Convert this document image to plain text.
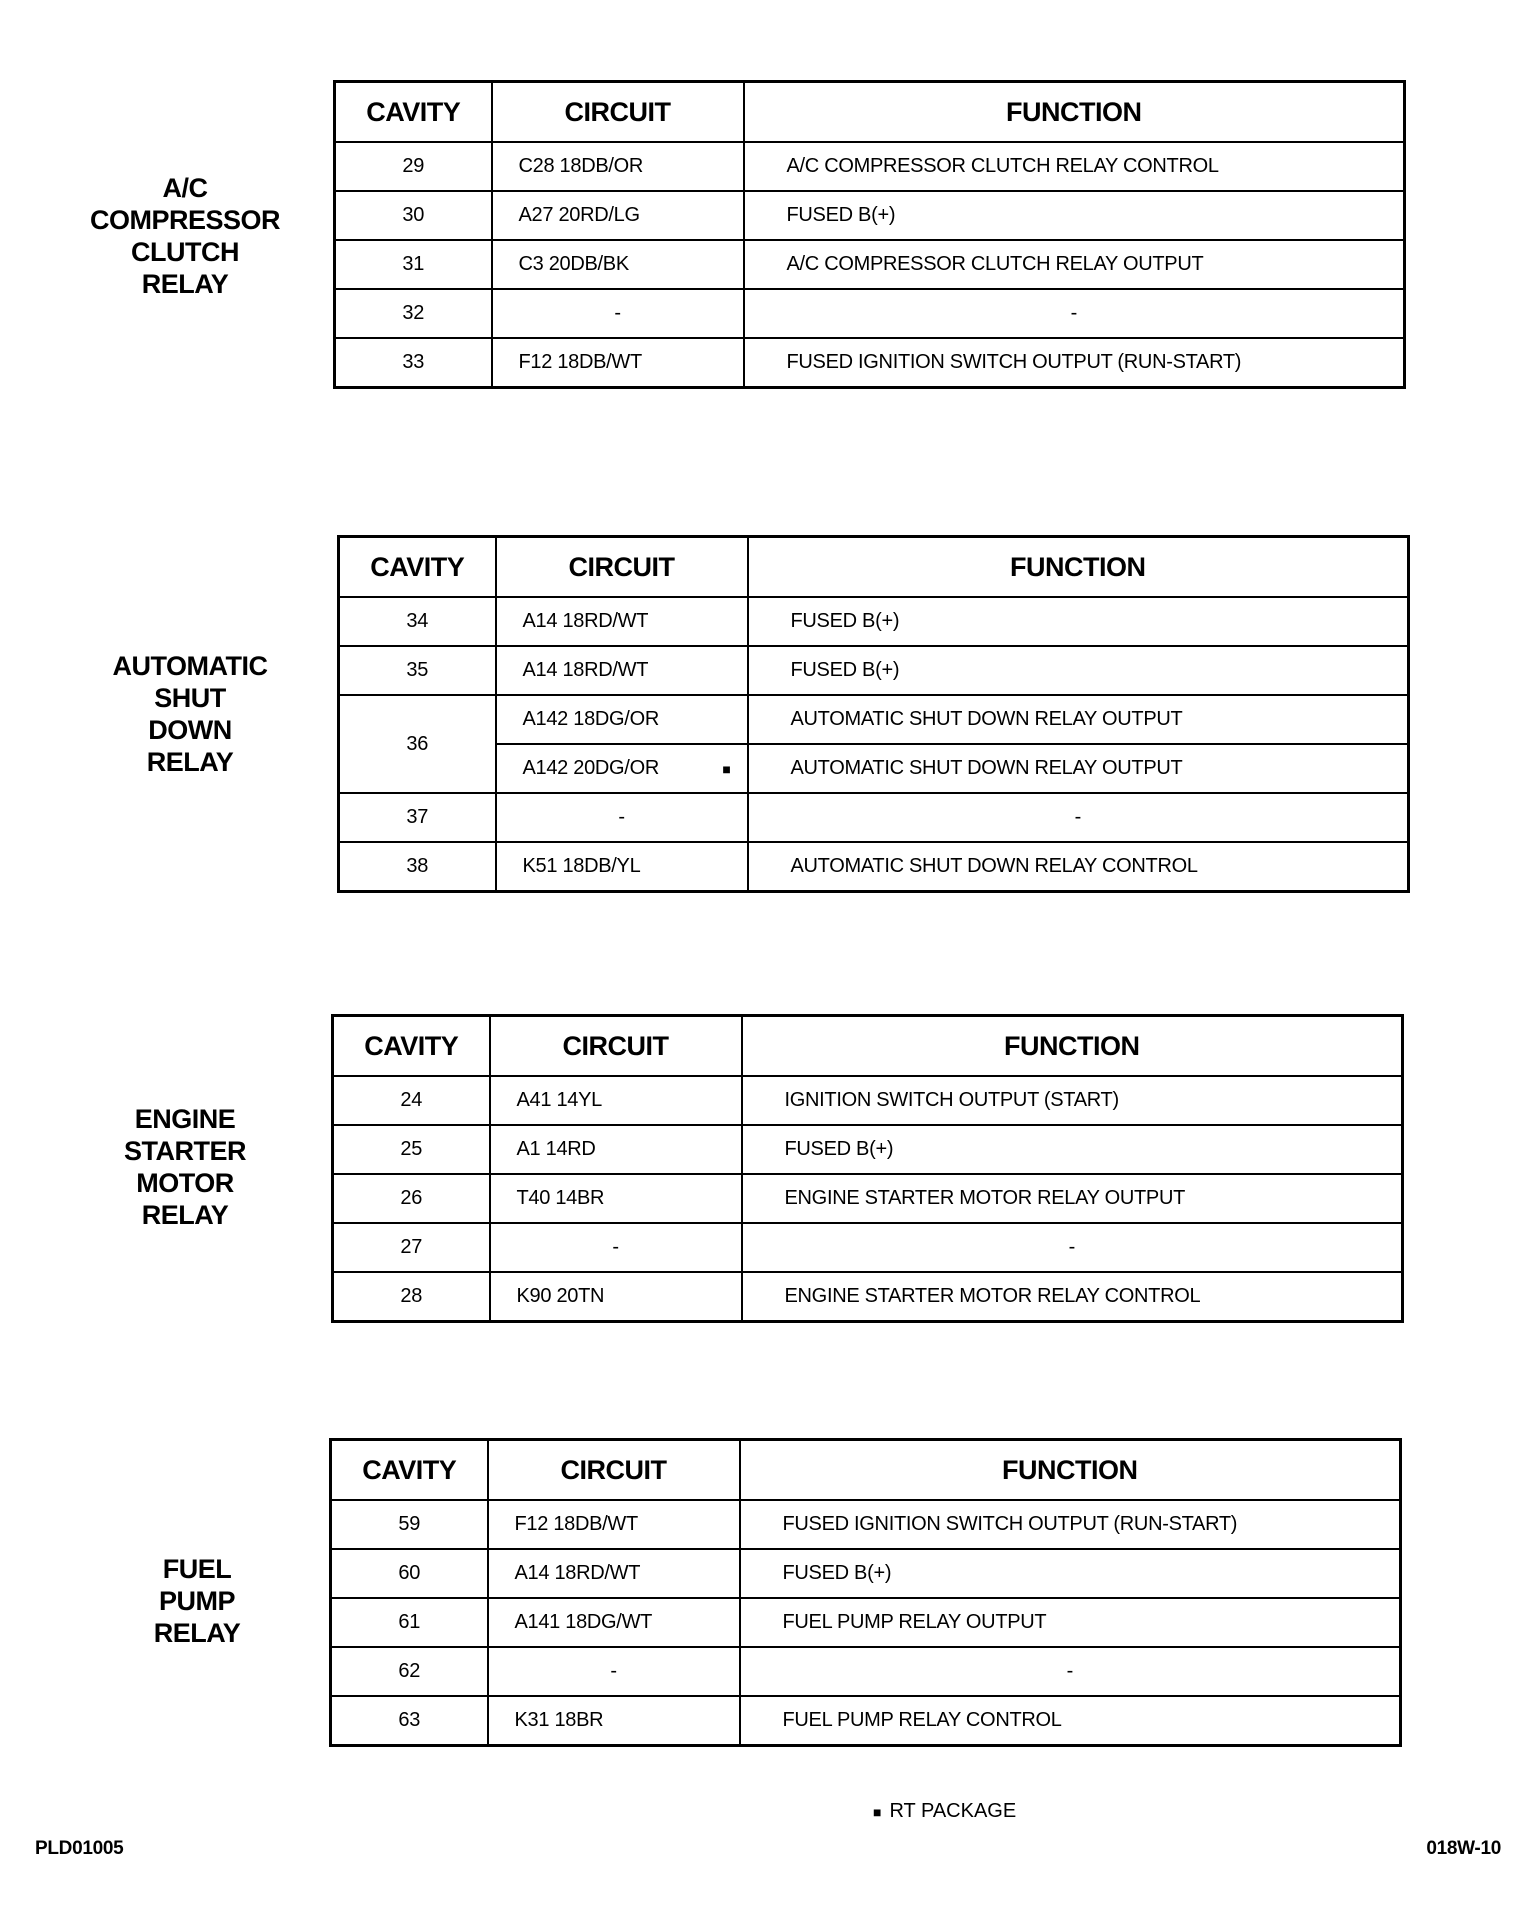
A/C
COMPRESSOR
CLUTCH
RELAY
CAVITY	CIRCUIT	FUNCTION
29	C28 18DB/OR	A/C COMPRESSOR CLUTCH RELAY CONTROL
30	A27 20RD/LG	FUSED B(+)
31	C3 20DB/BK	A/C COMPRESSOR CLUTCH RELAY OUTPUT
32	-	-
33	F12 18DB/WT	FUSED IGNITION SWITCH OUTPUT (RUN-START)
AUTOMATIC
SHUT
DOWN
RELAY
CAVITY	CIRCUIT	FUNCTION
34	A14 18RD/WT	FUSED B(+)
35	A14 18RD/WT	FUSED B(+)
36	A142 18DG/OR	AUTOMATIC SHUT DOWN RELAY OUTPUT
	A142 20DG/OR ■	AUTOMATIC SHUT DOWN RELAY OUTPUT
37	-	-
38	K51 18DB/YL	AUTOMATIC SHUT DOWN RELAY CONTROL
ENGINE
STARTER
MOTOR
RELAY
CAVITY	CIRCUIT	FUNCTION
24	A41 14YL	IGNITION SWITCH OUTPUT (START)
25	A1 14RD	FUSED B(+)
26	T40 14BR	ENGINE STARTER MOTOR RELAY OUTPUT
27	-	-
28	K90 20TN	ENGINE STARTER MOTOR RELAY CONTROL
FUEL
PUMP
RELAY
CAVITY	CIRCUIT	FUNCTION
59	F12 18DB/WT	FUSED IGNITION SWITCH OUTPUT (RUN-START)
60	A14 18RD/WT	FUSED B(+)
61	A141 18DG/WT	FUEL PUMP RELAY OUTPUT
62	-	-
63	K31 18BR	FUEL PUMP RELAY CONTROL
■ RT PACKAGE
PLD01005	018W-10
